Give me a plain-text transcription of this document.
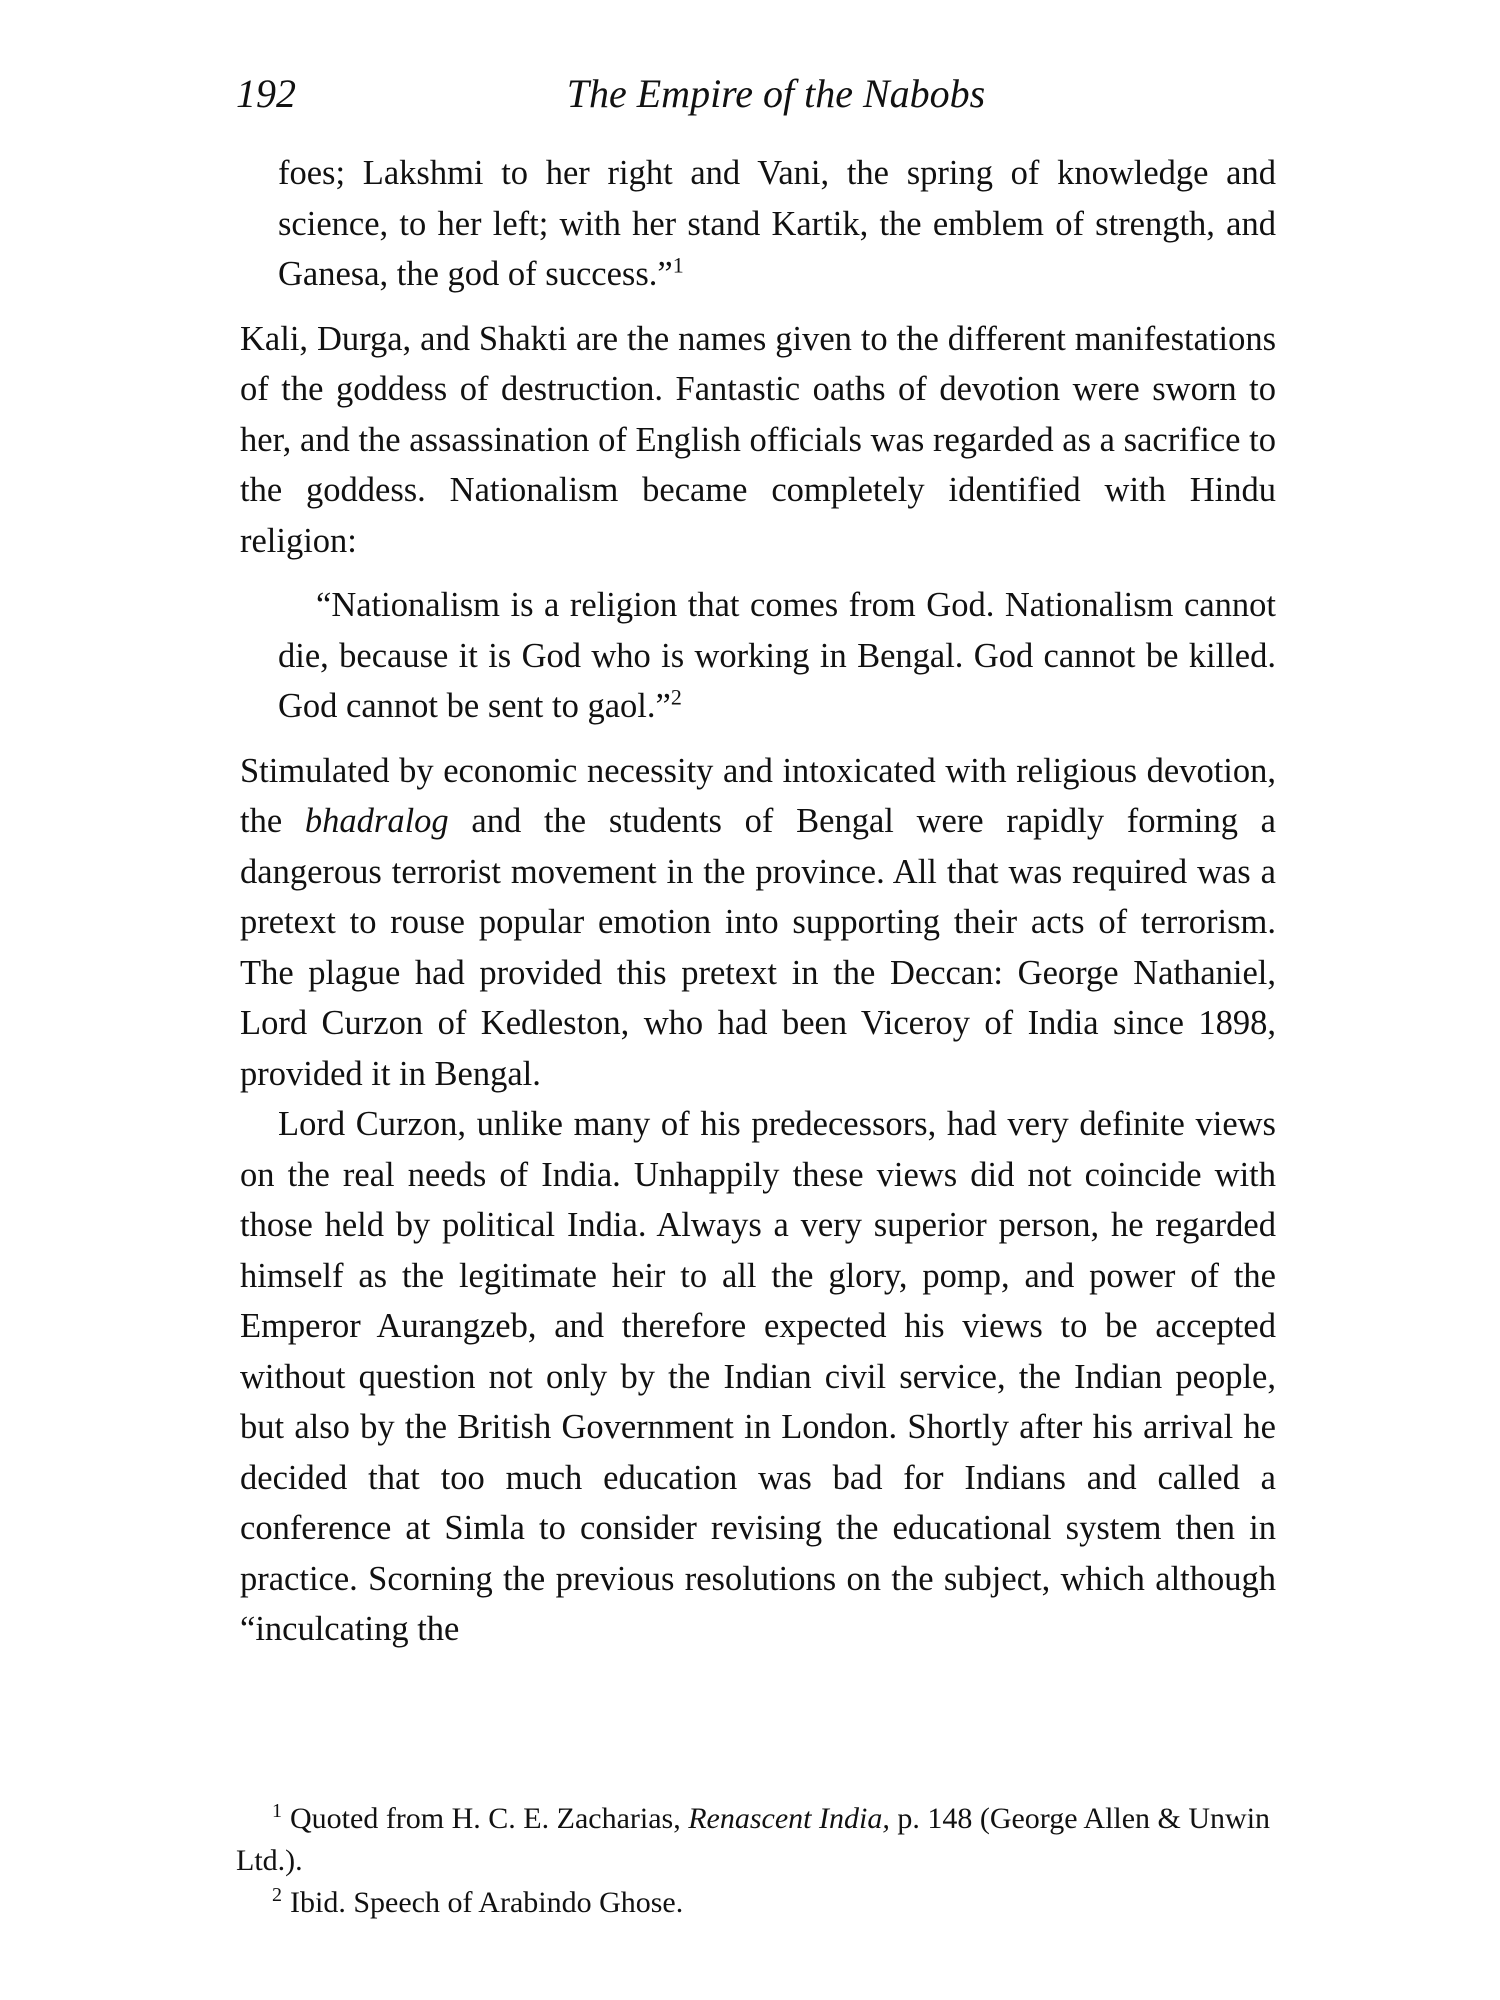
192	The Empire of the Nabobs

foes; Lakshmi to her right and Vani, the spring of knowledge and science, to her left; with her stand Kartik, the emblem of strength, and Ganesa, the god of success.”$^1$

Kali, Durga, and Shakti are the names given to the different manifestations of the goddess of destruction. Fantastic oaths of devotion were sworn to her, and the assassination of English officials was regarded as a sacrifice to the goddess. Nationalism became completely identified with Hindu religion:

“Nationalism is a religion that comes from God. Nationalism cannot die, because it is God who is working in Bengal. God cannot be killed. God cannot be sent to gaol.”$^2$

Stimulated by economic necessity and intoxicated with religious devotion, the bhadralog and the students of Bengal were rapidly forming a dangerous terrorist movement in the province. All that was required was a pretext to rouse popular emotion into supporting their acts of terrorism. The plague had provided this pretext in the Deccan: George Nathaniel, Lord Curzon of Kedleston, who had been Viceroy of India since 1898, provided it in Bengal.

Lord Curzon, unlike many of his predecessors, had very definite views on the real needs of India. Unhappily these views did not coincide with those held by political India. Always a very superior person, he regarded himself as the legitimate heir to all the glory, pomp, and power of the Emperor Aurangzeb, and therefore expected his views to be accepted without question not only by the Indian civil service, the Indian people, but also by the British Government in London. Shortly after his arrival he decided that too much education was bad for Indians and called a conference at Simla to consider revising the educational system then in practice. Scorning the previous resolutions on the subject, which although “inculcating the

$^1$ Quoted from H. C. E. Zacharias, Renascent India, p. 148 (George Allen & Unwin Ltd.).

$^2$ Ibid. Speech of Arabindo Ghose.
